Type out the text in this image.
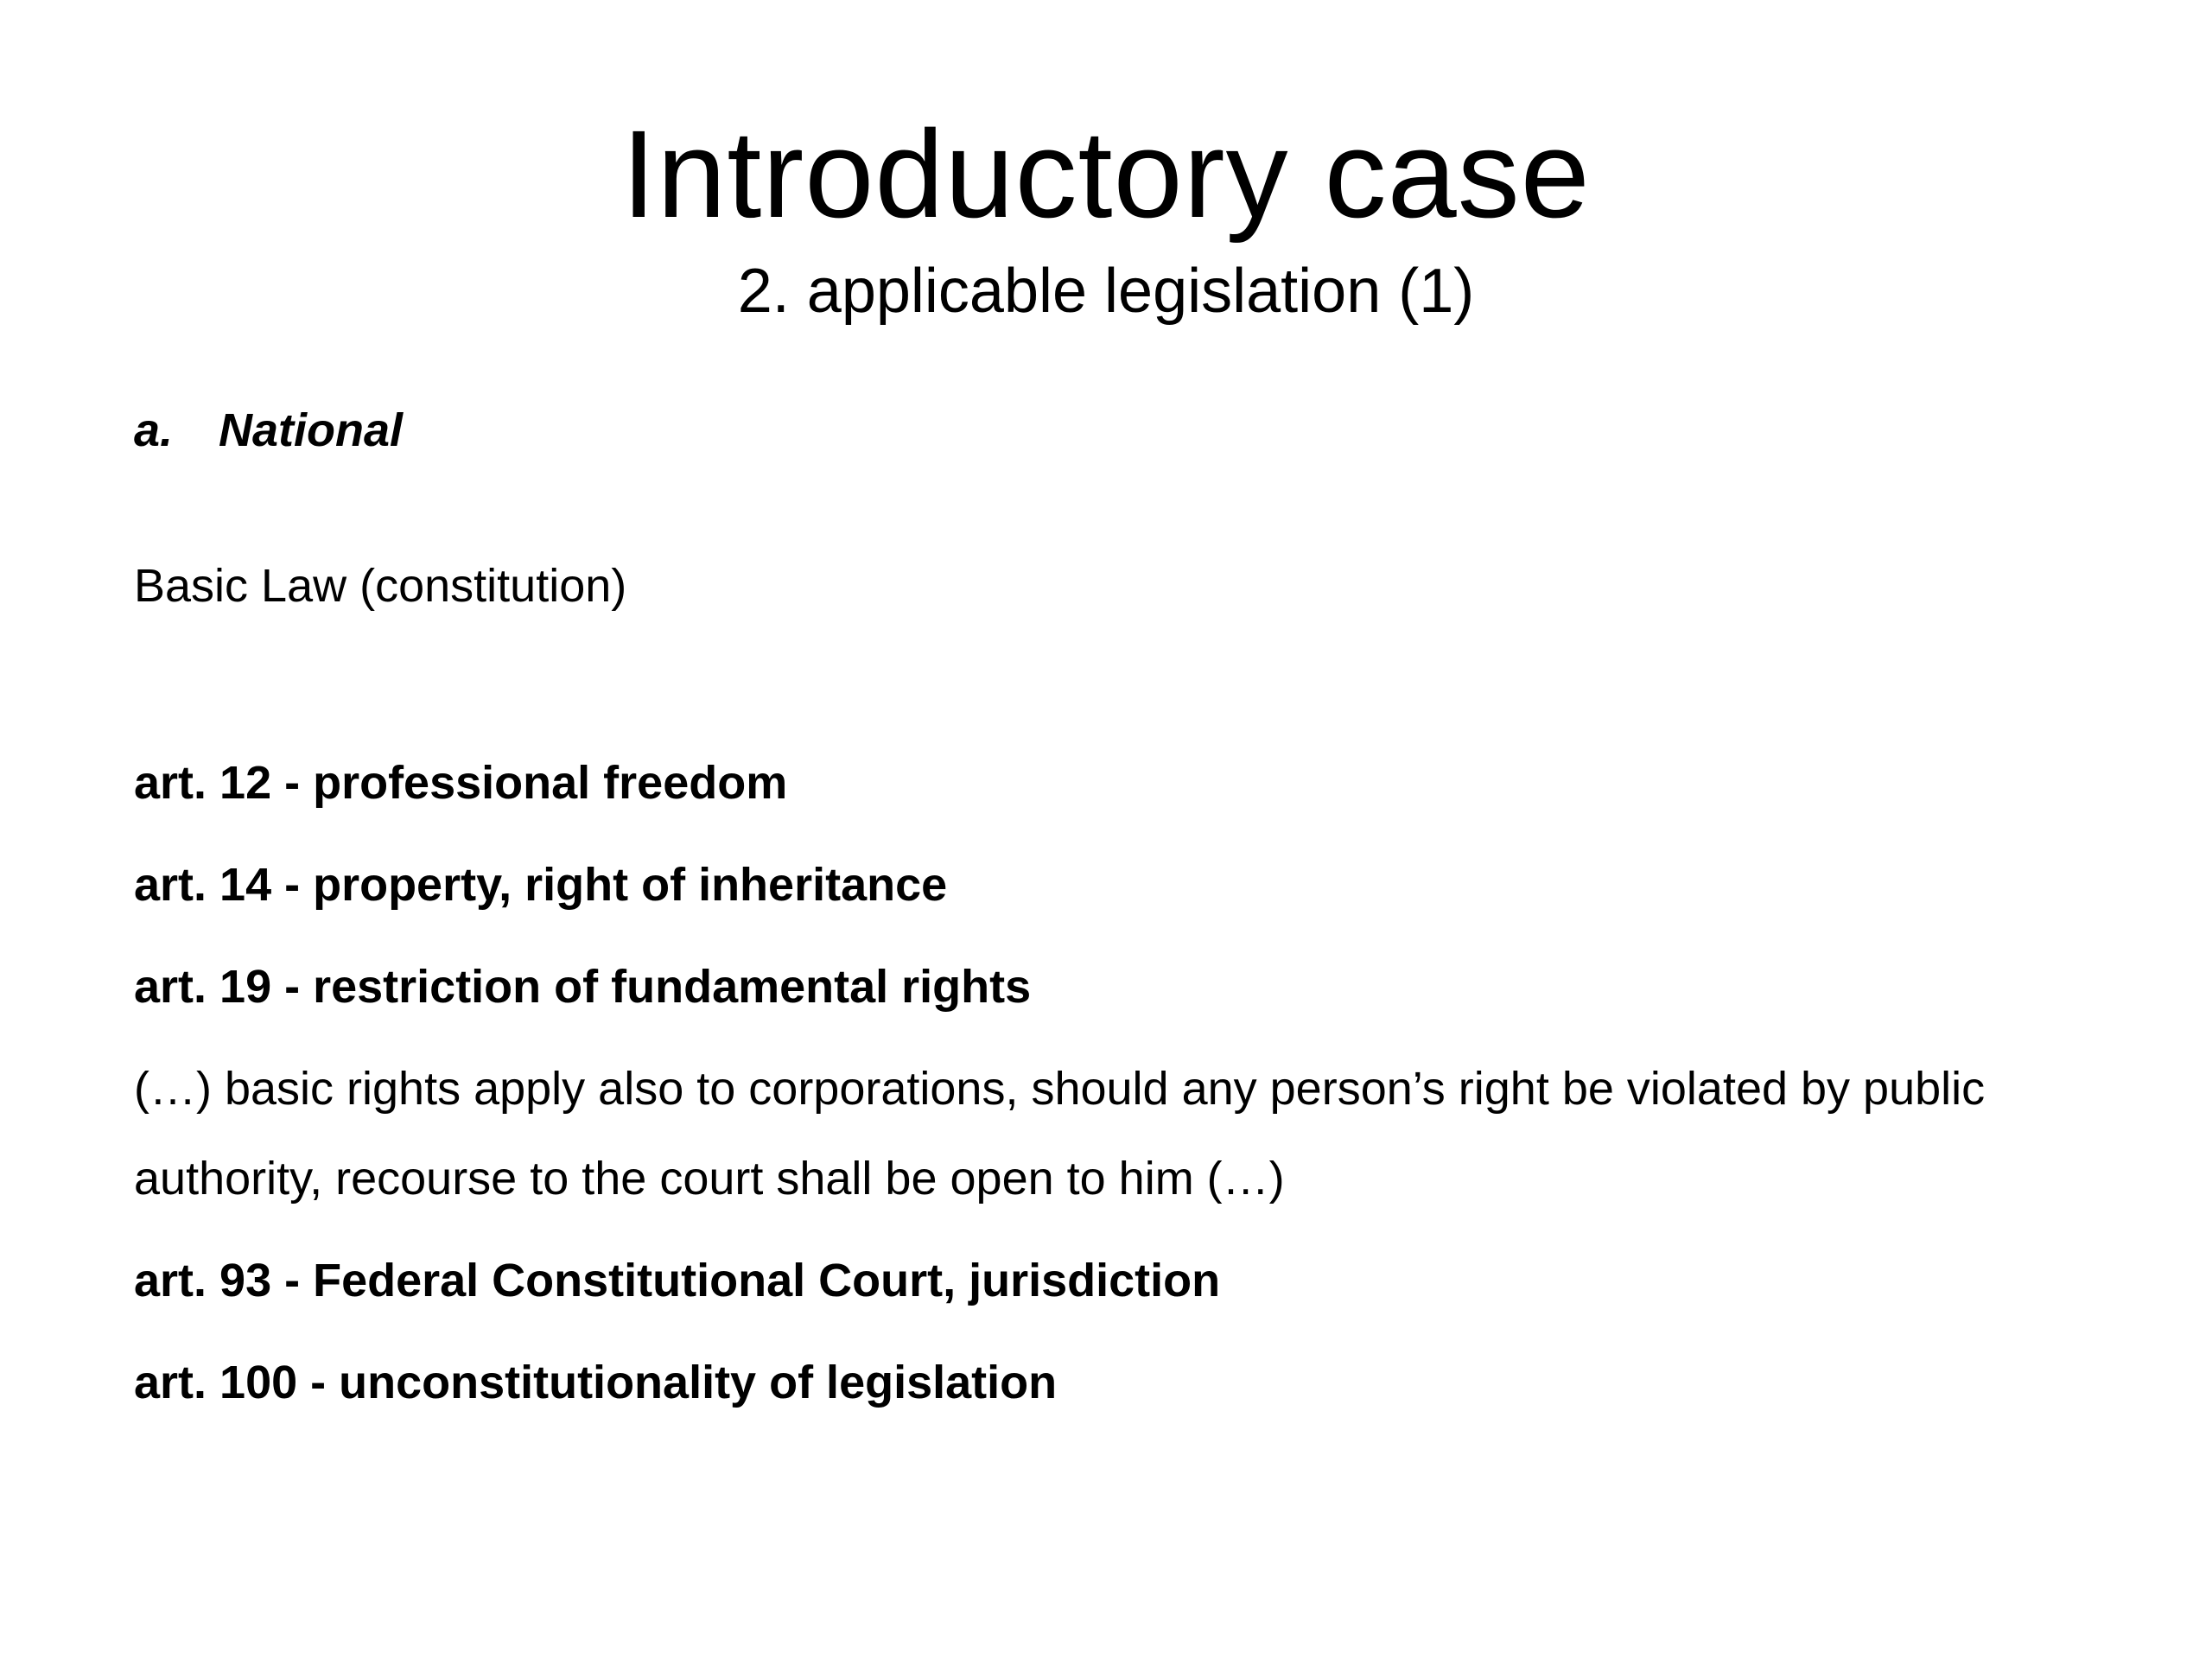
Introductory case
2. applicable legislation (1)
a. National
Basic Law (constitution)
art. 12 - professional freedom
art. 14 - property, right of inheritance
art. 19 - restriction of fundamental rights
(…) basic rights apply also to corporations, should any person’s right be violated by public
authority, recourse to the court shall be open to him (…)
art. 93 - Federal Constitutional Court, jurisdiction
art. 100 - unconstitutionality of legislation
